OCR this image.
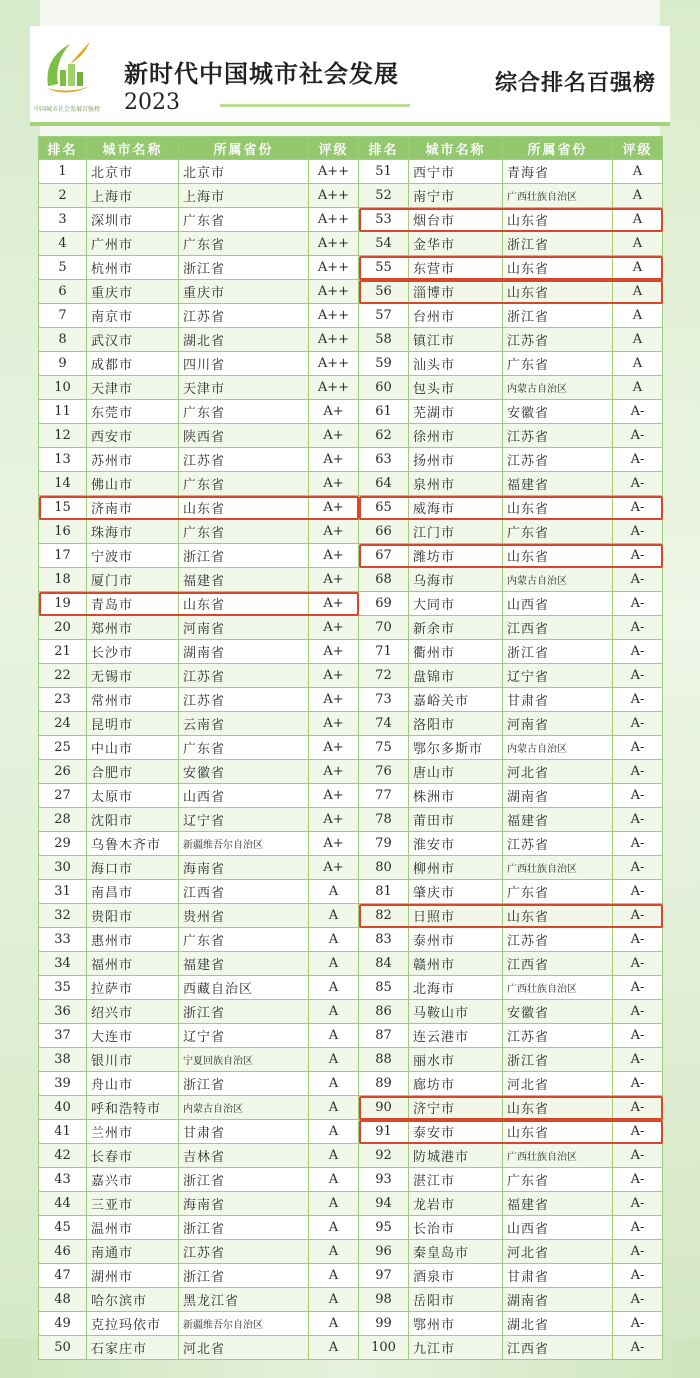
中国城市社会发展百强榜
新时代中国城市社会发展
2023
综合排名百强榜
排名	城市名称	所属省份	评级	排名	城市名称	所属省份	评级
1	北京市	北京市	A++	51	西宁市	青海省	A
2	上海市	上海市	A++	52	南宁市	广西壮族自治区	A
3	深圳市	广东省	A++	53	烟台市	山东省	A
4	广州市	广东省	A++	54	金华市	浙江省	A
5	杭州市	浙江省	A++	55	东营市	山东省	A
6	重庆市	重庆市	A++	56	淄博市	山东省	A
7	南京市	江苏省	A++	57	台州市	浙江省	A
8	武汉市	湖北省	A++	58	镇江市	江苏省	A
9	成都市	四川省	A++	59	汕头市	广东省	A
10	天津市	天津市	A++	60	包头市	内蒙古自治区	A
11	东莞市	广东省	A+	61	芜湖市	安徽省	A-
12	西安市	陕西省	A+	62	徐州市	江苏省	A-
13	苏州市	江苏省	A+	63	扬州市	江苏省	A-
14	佛山市	广东省	A+	64	泉州市	福建省	A-
15	济南市	山东省	A+	65	威海市	山东省	A-
16	珠海市	广东省	A+	66	江门市	广东省	A-
17	宁波市	浙江省	A+	67	潍坊市	山东省	A-
18	厦门市	福建省	A+	68	乌海市	内蒙古自治区	A-
19	青岛市	山东省	A+	69	大同市	山西省	A-
20	郑州市	河南省	A+	70	新余市	江西省	A-
21	长沙市	湖南省	A+	71	衢州市	浙江省	A-
22	无锡市	江苏省	A+	72	盘锦市	辽宁省	A-
23	常州市	江苏省	A+	73	嘉峪关市	甘肃省	A-
24	昆明市	云南省	A+	74	洛阳市	河南省	A-
25	中山市	广东省	A+	75	鄂尔多斯市	内蒙古自治区	A-
26	合肥市	安徽省	A+	76	唐山市	河北省	A-
27	太原市	山西省	A+	77	株洲市	湖南省	A-
28	沈阳市	辽宁省	A+	78	莆田市	福建省	A-
29	乌鲁木齐市	新疆维吾尔自治区	A+	79	淮安市	江苏省	A-
30	海口市	海南省	A+	80	柳州市	广西壮族自治区	A-
31	南昌市	江西省	A	81	肇庆市	广东省	A-
32	贵阳市	贵州省	A	82	日照市	山东省	A-
33	惠州市	广东省	A	83	泰州市	江苏省	A-
34	福州市	福建省	A	84	赣州市	江西省	A-
35	拉萨市	西藏自治区	A	85	北海市	广西壮族自治区	A-
36	绍兴市	浙江省	A	86	马鞍山市	安徽省	A-
37	大连市	辽宁省	A	87	连云港市	江苏省	A-
38	银川市	宁夏回族自治区	A	88	丽水市	浙江省	A-
39	舟山市	浙江省	A	89	廊坊市	河北省	A-
40	呼和浩特市	内蒙古自治区	A	90	济宁市	山东省	A-
41	兰州市	甘肃省	A	91	泰安市	山东省	A-
42	长春市	吉林省	A	92	防城港市	广西壮族自治区	A-
43	嘉兴市	浙江省	A	93	湛江市	广东省	A-
44	三亚市	海南省	A	94	龙岩市	福建省	A-
45	温州市	浙江省	A	95	长治市	山西省	A-
46	南通市	江苏省	A	96	秦皇岛市	河北省	A-
47	湖州市	浙江省	A	97	酒泉市	甘肃省	A-
48	哈尔滨市	黑龙江省	A	98	岳阳市	湖南省	A-
49	克拉玛依市	新疆维吾尔自治区	A	99	鄂州市	湖北省	A-
50	石家庄市	河北省	A	100	九江市	江西省	A-
